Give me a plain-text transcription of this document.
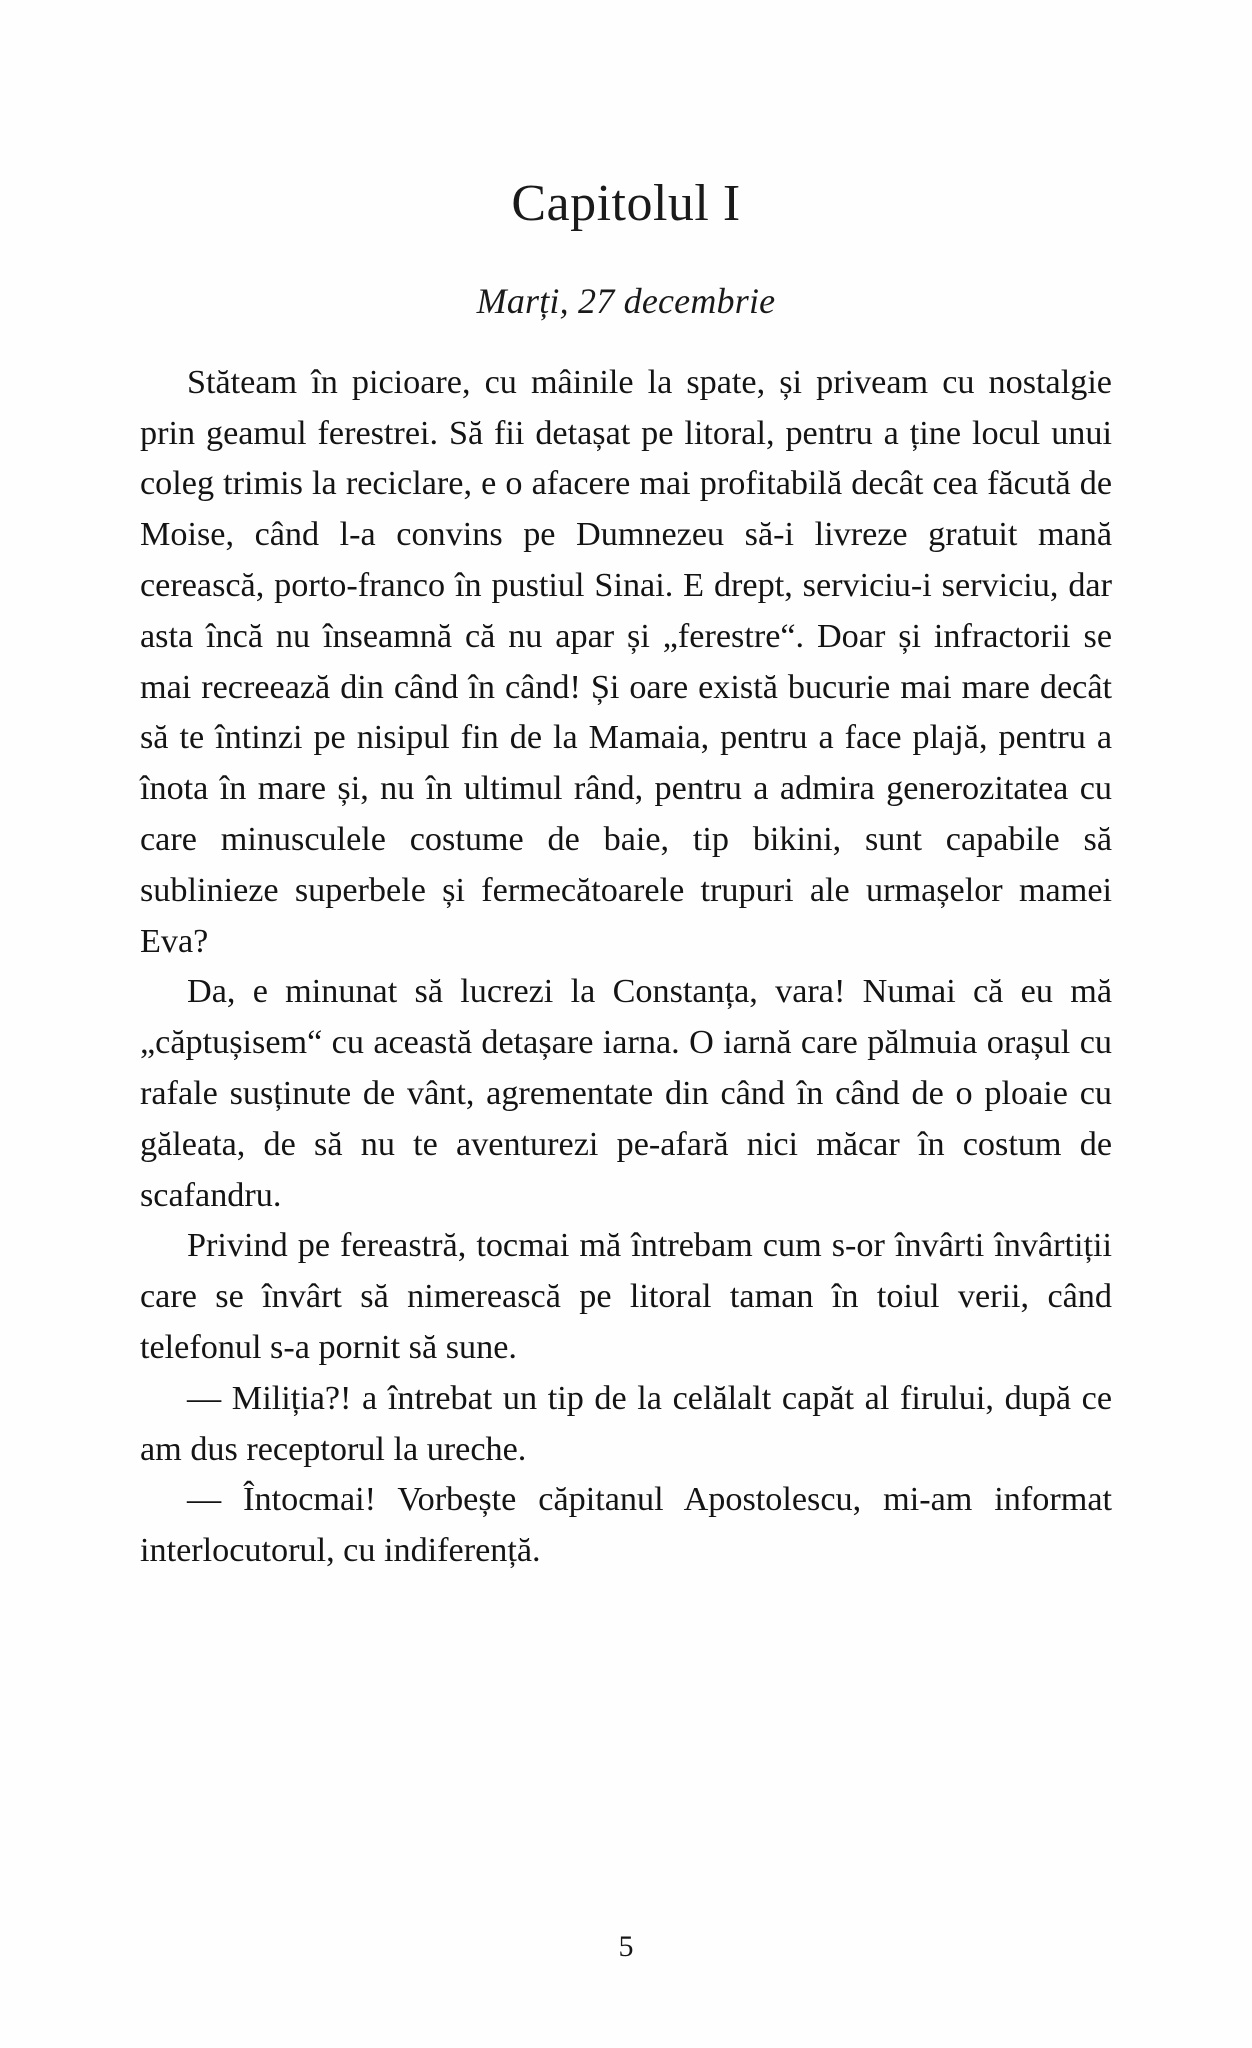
Capitolul I
Marți, 27 decembrie

Stăteam în picioare, cu mâinile la spate, și priveam cu nostalgie prin geamul ferestrei. Să fii detașat pe litoral, pentru a ține locul unui coleg trimis la reciclare, e o afacere mai profitabilă decât cea făcută de Moise, când l-a convins pe Dumnezeu să-i livreze gratuit mană cerească, porto-franco în pustiul Sinai. E drept, serviciu-i serviciu, dar asta încă nu înseamnă că nu apar și „ferestre“. Doar și infractorii se mai recreează din când în când! Și oare există bucurie mai mare decât să te întinzi pe nisipul fin de la Mamaia, pentru a face plajă, pentru a înota în mare și, nu în ultimul rând, pentru a admira generozitatea cu care minusculele costume de baie, tip bikini, sunt capabile să sublinieze superbele și fermecătoarele trupuri ale urmașelor mamei Eva?

Da, e minunat să lucrezi la Constanța, vara! Numai că eu mă „căptușisem“ cu această detașare iarna. O iarnă care pălmuia orașul cu rafale susținute de vânt, agrementate din când în când de o ploaie cu găleata, de să nu te aventurezi pe-afară nici măcar în costum de scafandru.

Privind pe fereastră, tocmai mă întrebam cum s-or învârti învârtiții care se învârt să nimerească pe litoral taman în toiul verii, când telefonul s-a pornit să sune.

— Miliția?! a întrebat un tip de la celălalt capăt al firului, după ce am dus receptorul la ureche.

— Întocmai! Vorbește căpitanul Apostolescu, mi-am informat interlocutorul, cu indiferență.

5
